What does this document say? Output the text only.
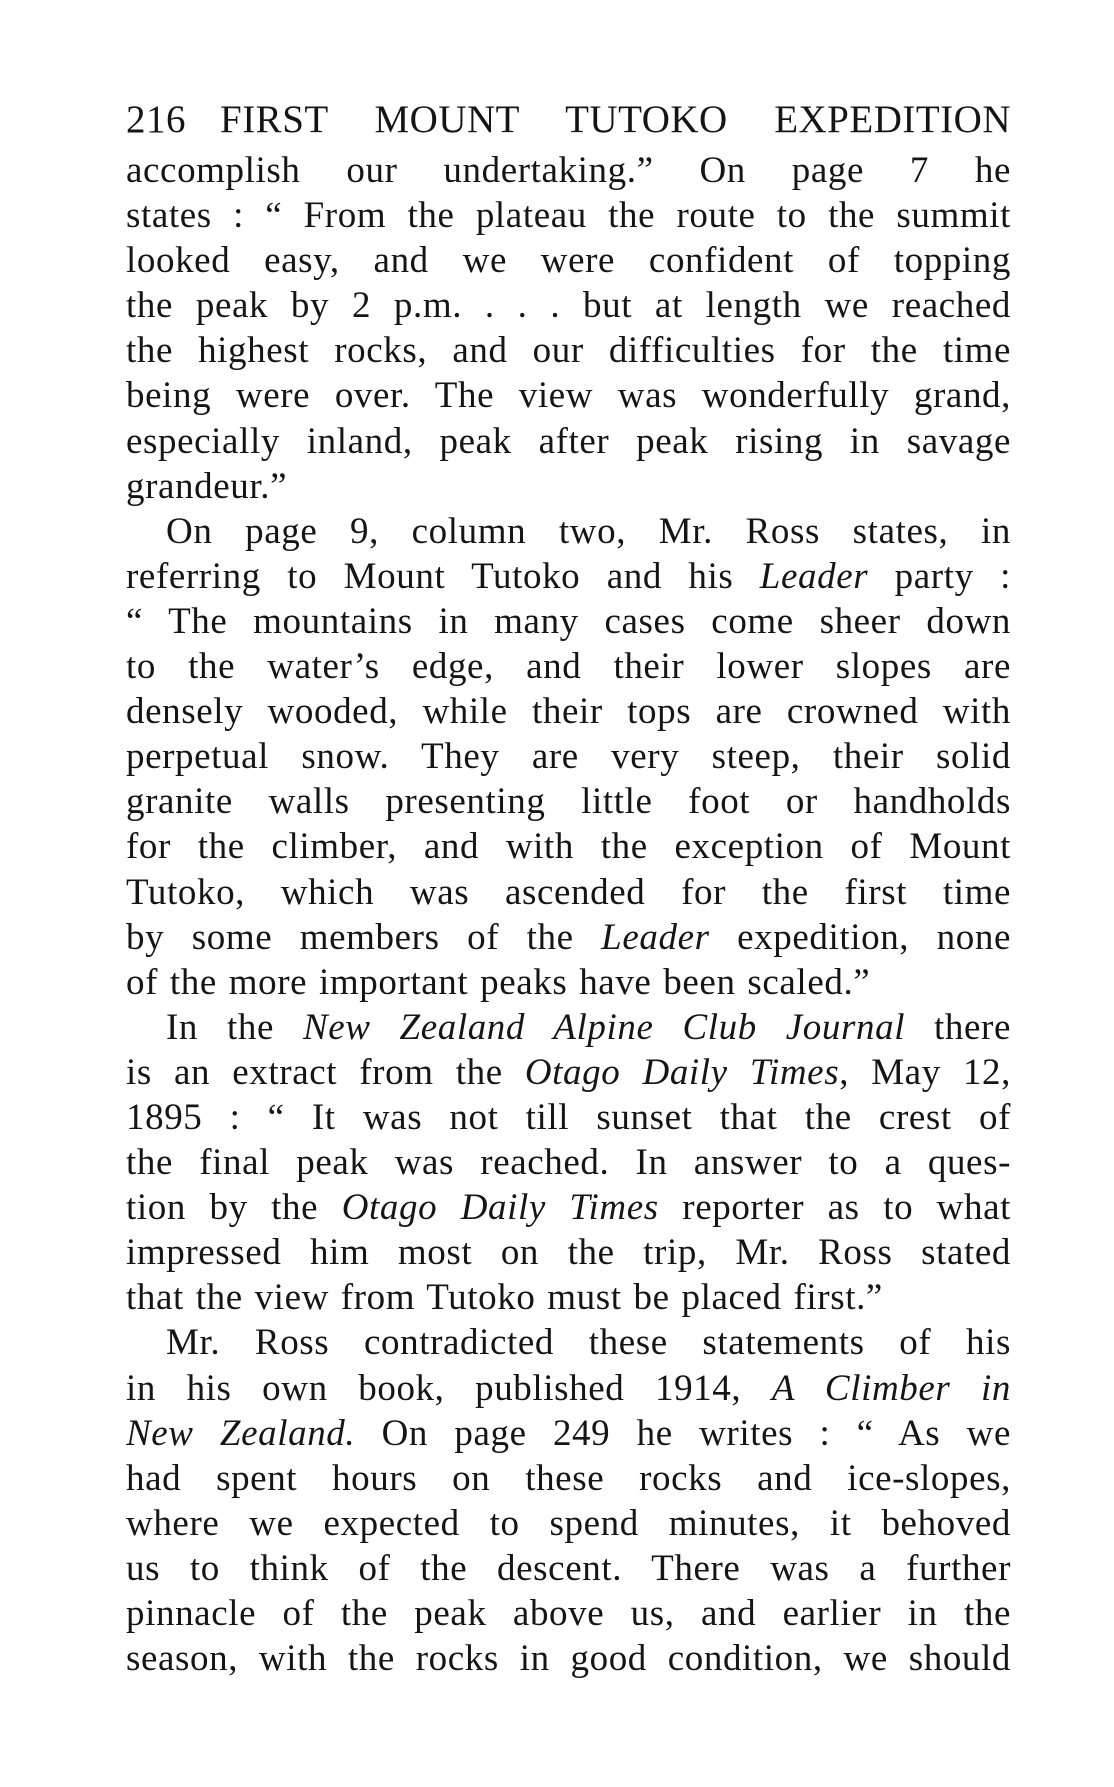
216 FIRST MOUNT TUTOKO EXPEDITION
accomplish our undertaking.” On page 7 he
states : “ From the plateau the route to the summit
looked easy, and we were confident of topping
the peak by 2 p.m. . . . but at length we reached
the highest rocks, and our difficulties for the time
being were over. The view was wonderfully grand,
especially inland, peak after peak rising in savage
grandeur.”
On page 9, column two, Mr. Ross states, in
referring to Mount Tutoko and his Leader party :
“ The mountains in many cases come sheer down
to the water’s edge, and their lower slopes are
densely wooded, while their tops are crowned with
perpetual snow. They are very steep, their solid
granite walls presenting little foot or handholds
for the climber, and with the exception of Mount
Tutoko, which was ascended for the first time
by some members of the Leader expedition, none
of the more important peaks have been scaled.”
In the New Zealand Alpine Club Journal there
is an extract from the Otago Daily Times, May 12,
1895 : “ It was not till sunset that the crest of
the final peak was reached. In answer to a ques-
tion by the Otago Daily Times reporter as to what
impressed him most on the trip, Mr. Ross stated
that the view from Tutoko must be placed first.”
Mr. Ross contradicted these statements of his
in his own book, published 1914, A Climber in
New Zealand. On page 249 he writes : “ As we
had spent hours on these rocks and ice-slopes,
where we expected to spend minutes, it behoved
us to think of the descent. There was a further
pinnacle of the peak above us, and earlier in the
season, with the rocks in good condition, we should
